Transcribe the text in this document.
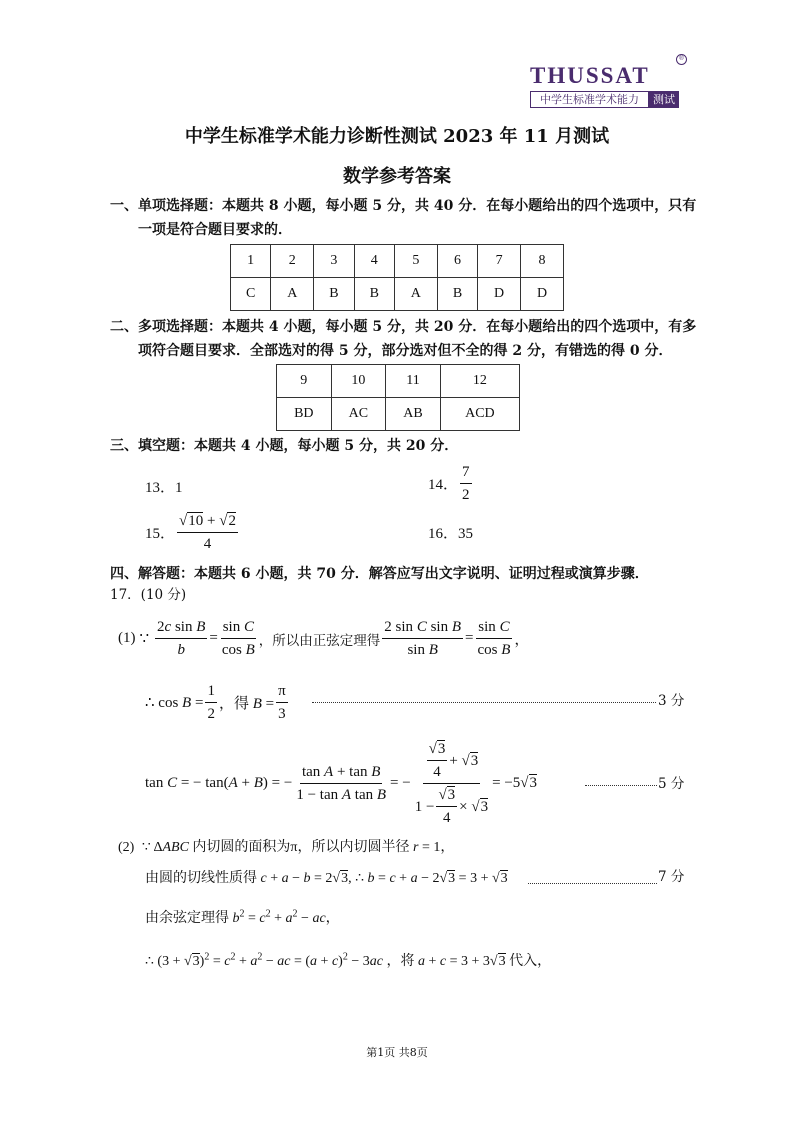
THUSSAT
®
中学生标准学术能力	测试
中学生标准学术能力诊断性测试 2023 年 11 月测试
数学参考答案
一、单项选择题：本题共 8 小题，每小题 5 分，共 40 分．在每小题给出的四个选项中，只有
一项是符合题目要求的．
1	2	3	4	5	6	7	8
C	A	B	B	A	B	D	D
二、多项选择题：本题共 4 小题，每小题 5 分，共 20 分．在每小题给出的四个选项中，有多
项符合题目要求．全部选对的得 5 分，部分选对但不全的得 2 分，有错选的得 0 分．
9	10	11	12
BD	AC	AB	ACD
三、填空题：本题共 4 小题，每小题 5 分，共 20 分．
13．1	14． $\frac{7}{2}$
15． $\frac{√10 + √2}{4}$	16．35
四、解答题：本题共 6 小题，共 70 分．解答应写出文字说明、证明过程或演算步骤．
17．(10 分)
(1) ∵ $\frac{\text{2c sin B}}{b} = \frac{\text{sin C}}{\text{cos B}}$ ，所以由正弦定理得 $\frac{\text{2 sin C sin B}}{\text{sin B}} = \frac{\text{sin C}}{\text{cos B}}$ ，
∴ $\cos B = \frac{1}{2}$ ，得 $B = \frac{\pi}{3}$	3 分
tan C = − tan(A + B) = − $\frac{\text{tan A + tan B}}{\text{1 − tan A tan B}}$ = − $\frac{\frac{√3}{4} + √3}{1 - \frac{√3}{4} \times √3} = -5√3$	5 分
(2) ∵ ΔABC 内切圆的面积为π，所以内切圆半径 r = 1，
由圆的切线性质得 c + a − b = 2√3, ∴ b = c + a − 2√3 = 3 + √3	7 分
由余弦定理得 $b^2 = c^2 + a^2$ − ac，
∴ $(3 + √3)^2 = c^2 + a^2$ − ac = $(a + c)^2 - 3ac$ ，将 a + c = 3 + 3√3 代入，
第1页 共8页
